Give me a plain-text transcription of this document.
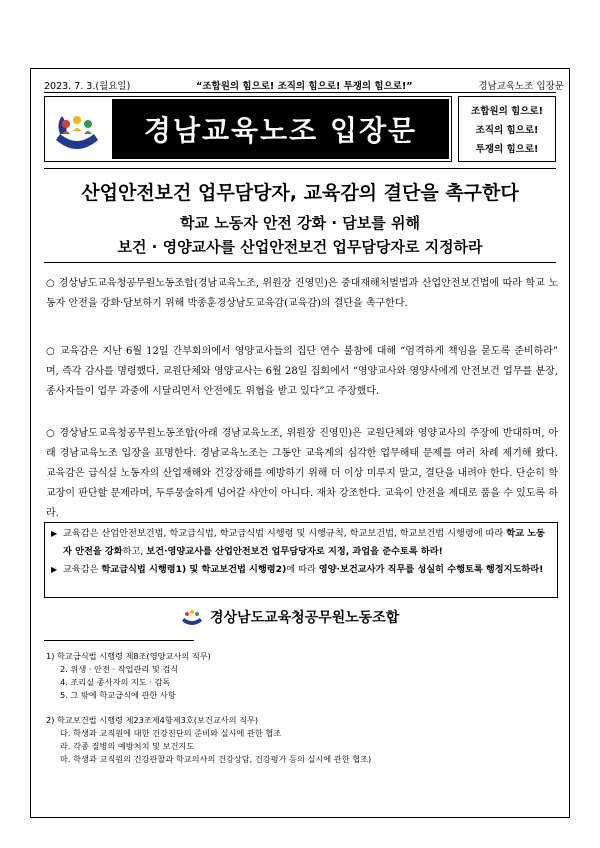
2023. 7. 3.(월요일)	“조합원의 힘으로! 조직의 힘으로! 투쟁의 힘으로!”	경남교육노조 입장문
경남교육노조 입장문
조합원의 힘으로!
조직의 힘으로!
투쟁의 힘으로!
산업안전보건 업무담당자, 교육감의 결단을 촉구한다
학교 노동자 안전 강화 · 담보를 위해
보건 · 영양교사를 산업안전보건 업무담당자로 지정하라
○ 경상남도교육청공무원노동조합(경남교육노조, 위원장 진영민)은 중대재해처벌법과 산업안전보건법에 따라 학교 노동자 안전을 강화·담보하기 위해 박종훈경상남도교육감(교육감)의 결단을 촉구한다.
○ 교육감은 지난 6월 12일 간부회의에서 영양교사들의 집단 연수 불참에 대해 “엄격하게 책임을 묻도록 준비하라” 며, 즉각 감사를 명령했다. 교원단체와 영양교사는 6월 28일 집회에서 “영양교사와 영양사에게 안전보건 업무를 분장, 종사자들이 업무 과중에 시달리면서 안전에도 위협을 받고 있다”고 주장했다.
○ 경상남도교육청공무원노동조합(아래 경남교육노조, 위원장 진영민)은 교원단체와 영양교사의 주장에 반대하며, 아래 경남교육노조 입장을 표명한다. 경남교육노조는 그동안 교육계의 심각한 업무해태 문제를 여러 차례 제기해 왔다. 교육감은 급식실 노동자의 산업재해와 건강장해를 예방하기 위해 더 이상 미루지 말고, 결단을 내려야 한다. 단순히 학교장이 판단할 문제라며, 두루뭉술하게 넘어갈 사안이 아니다. 재차 강조한다. 교육이 안전을 제대로 품을 수 있도록 하라.
▶ 교육감은 산업안전보건법, 학교급식법, 학교급식법 시행령 및 시행규칙, 학교보건법, 학교보건법 시행령에 따라 학교 노동자 안전을 강화하고, 보건·영양교사를 산업안전보건 업무담당자로 지정, 과업을 준수토록 하라!
▶ 교육감은 학교급식법 시행령1) 및 학교보건법 시행령2)에 따라 영양·보건교사가 직무를 성실히 수행토록 행정지도하라!
경상남도교육청공무원노동조합
1) 학교급식법 시행령 제8조(영양교사의 직무)
2. 위생 · 안전 · 작업관리 및 검식
4. 조리실 종사자의 지도 · 감독
5. 그 밖에 학교급식에 관한 사항
2) 학교보건법 시행령 제23조제4항제3호(보건교사의 직무)
다. 학생과 교직원에 대한 건강진단의 준비와 실시에 관한 협조
라. 각종 질병의 예방처치 및 보건지도
마. 학생과 교직원의 건강관찰과 학교의사의 건강상담, 건강평가 등의 실시에 관한 협조)
